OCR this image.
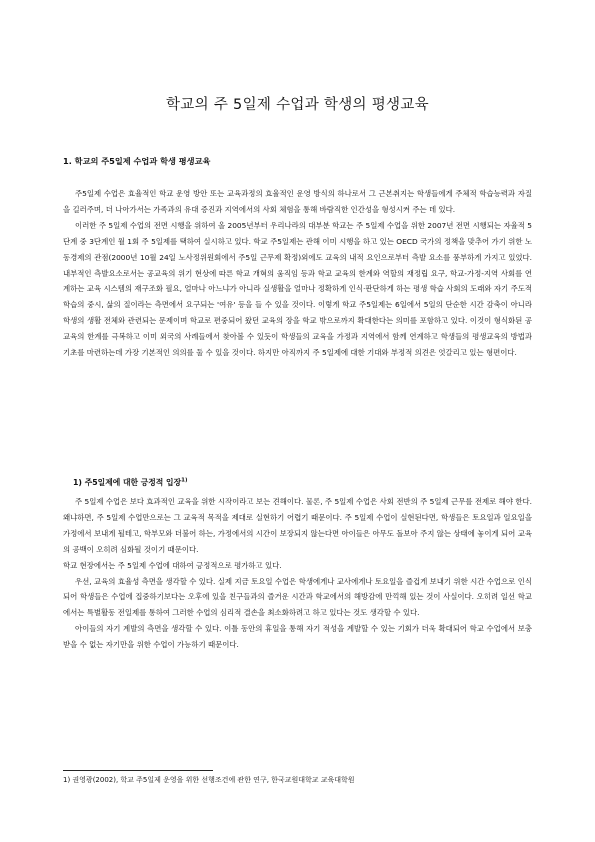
학교의 주 5일제 수업과 학생의 평생교육
1. 학교의 주5일제 수업과 학생 평생교육

주5일제 수업은 효율적인 학교 운영 방안 또는 교육과정의 효율적인 운영 방식의 하나로서 그 근본취지는 학생들에게 주체적 학습능력과 자질을 길러주며, 더 나아가서는 가족과의 유대 증진과 지역에서의 사회 체험을 통해 바람직한 인간성을 형성시켜 주는 데 있다.

이러한 주 5일제 수업의 전면 시행을 위하여 올 2005년부터 우리나라의 대부분 학교는 주 5일제 수업을 위한 2007년 전면 시행되는 자율적 5단계 중 3단계인 월 1회 주 5일제를 택하여 실시하고 있다. 학교 주5일제는 관해 이미 시행을 하고 있는 OECD 국가의 정책을 맞추어 가기 위한 노동경제의 관점(2000년 10월 24일 노사정위원회에서 주5일 근무제 확정)외에도 교육의 내적 요인으로부터 측발 요소를 풍부하게 가지고 있었다. 내부적인 측발요소로서는 공교육의 위기 현상에 따른 학교 개혁의 움직임 등과 학교 교육의 한계와 역할의 재정립 요구, 학교-가정-지역 사회를 연계하는 교육 시스템의 재구조화 필요, 얼마나 아느냐가 아니라 실생활을 얼마나 정확하게 인식·판단하게 하는 평생 학습 사회의 도래와 자기 주도적 학습의 중시, 삶의 질이라는 측면에서 요구되는 '여유' 등을 들 수 있을 것이다. 이렇게 학교 주5일제는 6일에서 5일의 단순한 시간 감축이 아니라 학생의 생활 전체와 관련되는 문제이며 학교로 편중되어 왔던 교육의 장을 학교 밖으로까지 확대한다는 의미를 포함하고 있다. 이것이 형식화된 공교육의 한계를 극복하고 이미 외국의 사례들에서 찾아볼 수 있듯이 학생들의 교육을 가정과 지역에서 함께 연계하고 학생들의 평생교육의 방법과 기초를 마련하는데 가장 기본적인 의의를 둘 수 있을 것이다. 하지만 아직까지 주 5일제에 대한 기대와 부정적 의견은 엇갈리고 있는 형편이다.

1) 주5일제에 대한 긍정적 입장$^{1)}$

주 5일제 수업은 보다 효과적인 교육을 위한 시작이라고 보는 견해이다. 물론, 주 5일제 수업은 사회 전반의 주 5일제 근무를 전제로 해야 한다. 왜냐하면, 주 5일제 수업만으로는 그 교육적 목적을 제대로 실현하기 어렵기 때문이다. 주 5일제 수업이 실현된다면, 학생들은 토요일과 일요일을 가정에서 보내게 될테고, 학부모와 더불어 하는, 가정에서의 시간이 보장되지 않는다면 아이들은 아무도 돌보아 주지 않는 상태에 놓이게 되어 교육의 공백이 오히려 심화될 것이기 때문이다.

학교 현장에서는 주 5일제 수업에 대하여 긍정적으로 평가하고 있다.

우선, 교육의 효율성 측면을 생각할 수 있다. 실제 지금 토요일 수업은 학생에게나 교사에게나 토요일을 즐겁게 보내기 위한 시간 수업으로 인식되어 학생들은 수업에 집중하기보다는 오후에 있을 친구들과의 즐거운 시간과 학교에서의 해방감에 만끽해 있는 것이 사실이다. 오히려 일선 학교에서는 특별활동 전일제를 통하여 그러한 수업의 심리적 결손을 최소화하려고 하고 있다는 것도 생각할 수 있다.

아이들의 자기 계발의 측면을 생각할 수 있다. 이틀 동안의 휴일을 통해 자기 적성을 계발할 수 있는 기회가 더욱 확대되어 학교 수업에서 보충 받을 수 없는 자기만을 위한 수업이 가능하기 때문이다.

1) 권영광(2002), 학교 주5일제 운영을 위한 선행조건에 관한 연구, 한국교원대학교 교육대학원
